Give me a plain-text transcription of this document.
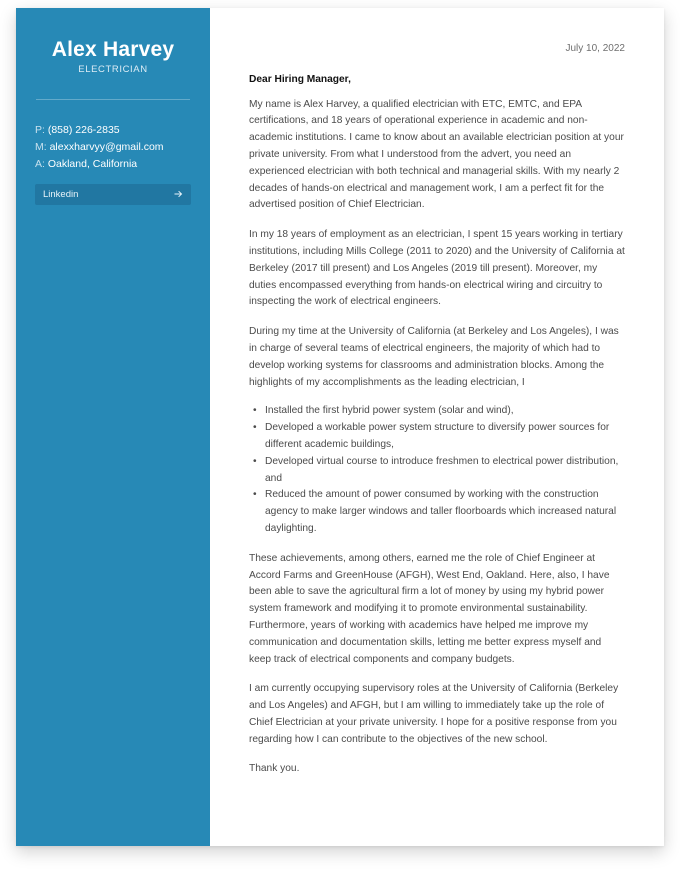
Alex Harvey
ELECTRICIAN
P: (858) 226-2835
M: alexxharvyy@gmail.com
A: Oakland, California
Linkedin
July 10, 2022
Dear Hiring Manager,

My name is Alex Harvey, a qualified electrician with ETC, EMTC, and EPA certifications, and 18 years of operational experience in academic and non-academic institutions. I came to know about an available electrician position at your private university. From what I understood from the advert, you need an experienced electrician with both technical and managerial skills. With my nearly 2 decades of hands-on electrical and management work, I am a perfect fit for the advertised position of Chief Electrician.

In my 18 years of employment as an electrician, I spent 15 years working in tertiary institutions, including Mills College (2011 to 2020) and the University of California at Berkeley (2017 till present) and Los Angeles (2019 till present). Moreover, my duties encompassed everything from hands-on electrical wiring and circuitry to inspecting the work of electrical engineers.

During my time at the University of California (at Berkeley and Los Angeles), I was in charge of several teams of electrical engineers, the majority of which had to develop working systems for classrooms and administration blocks. Among the highlights of my accomplishments as the leading electrician, I

• Installed the first hybrid power system (solar and wind),
• Developed a workable power system structure to diversify power sources for different academic buildings,
• Developed virtual course to introduce freshmen to electrical power distribution, and
• Reduced the amount of power consumed by working with the construction agency to make larger windows and taller floorboards which increased natural daylighting.

These achievements, among others, earned me the role of Chief Engineer at Accord Farms and GreenHouse (AFGH), West End, Oakland. Here, also, I have been able to save the agricultural firm a lot of money by using my hybrid power system framework and modifying it to promote environmental sustainability. Furthermore, years of working with academics have helped me improve my communication and documentation skills, letting me better express myself and keep track of electrical components and company budgets.

I am currently occupying supervisory roles at the University of California (Berkeley and Los Angeles) and AFGH, but I am willing to immediately take up the role of Chief Electrician at your private university. I hope for a positive response from you regarding how I can contribute to the objectives of the new school.

Thank you.
